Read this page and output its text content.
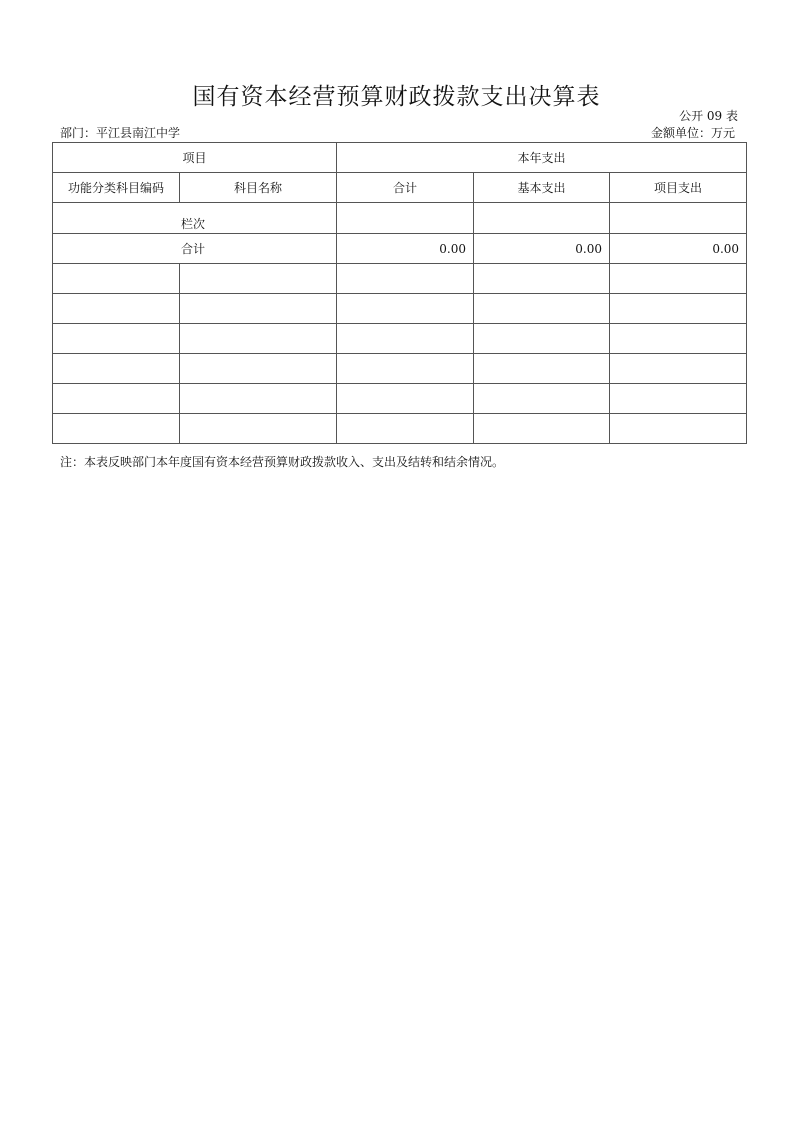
国有资本经营预算财政拨款支出决算表
公开 09 表
部门：平江县南江中学	金额单位：万元
项目		本年支出		
功能分类科目编码	科目名称	合计	基本支出	项目支出
栏次				
合计		0.00	0.00	0.00

注：本表反映部门本年度国有资本经营预算财政拨款收入、支出及结转和结余情况。
